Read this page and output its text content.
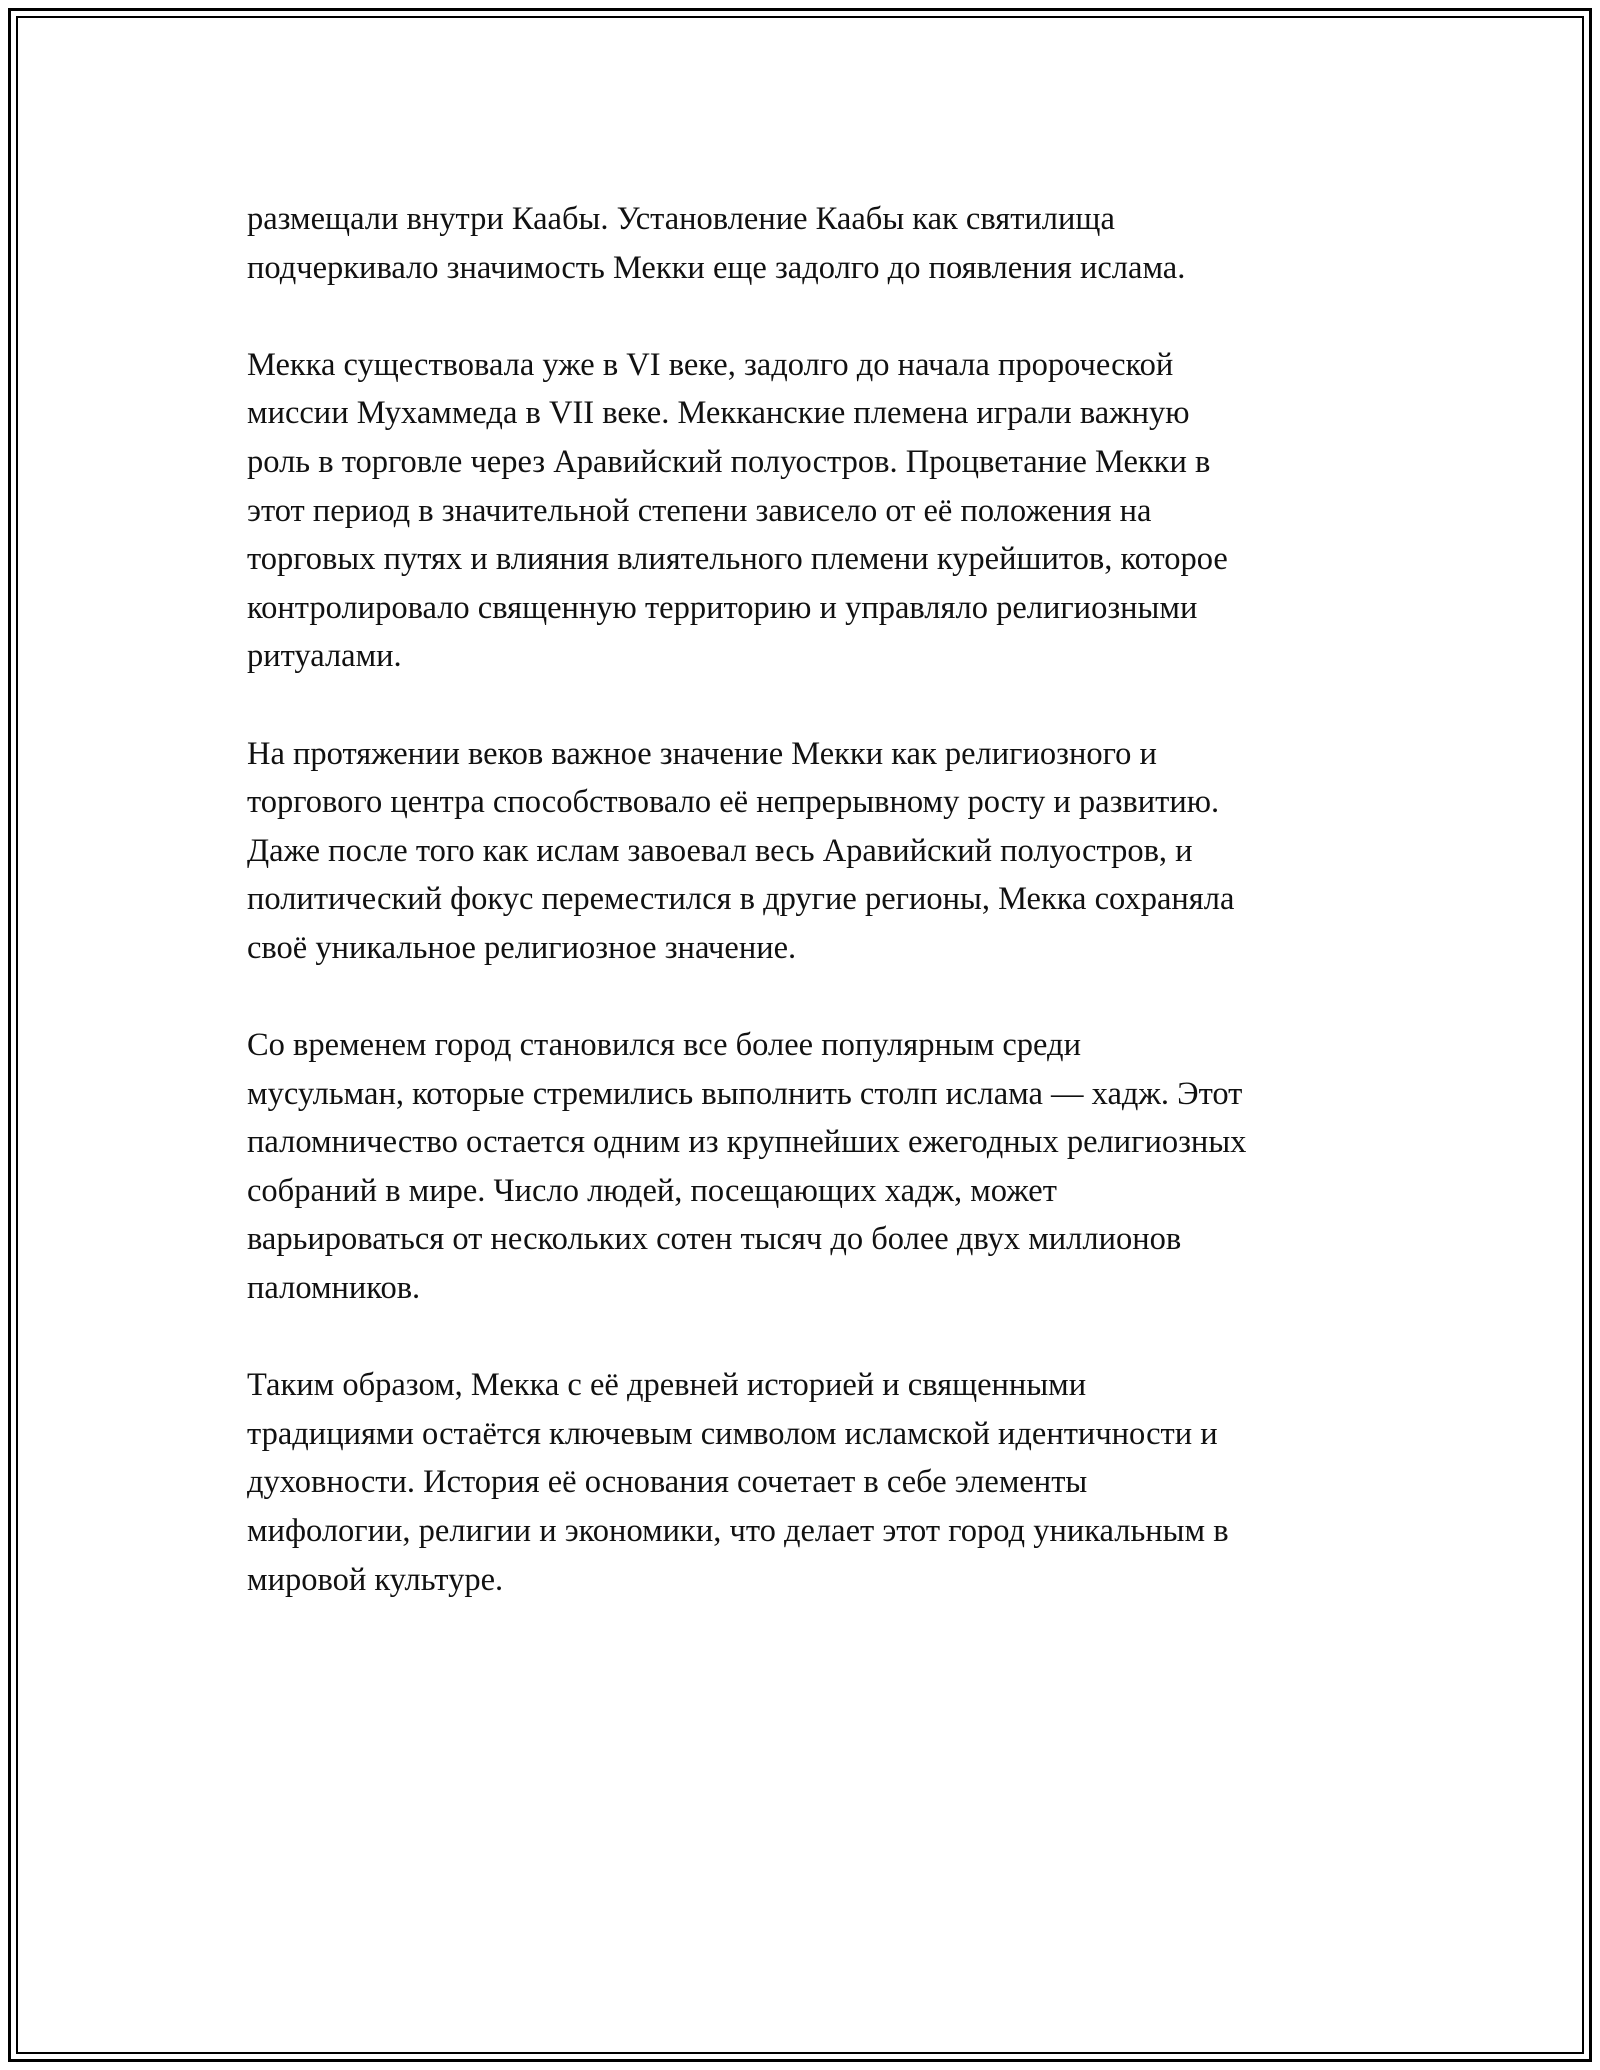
размещали внутри Каабы. Установление Каабы как святилища
подчеркивало значимость Мекки еще задолго до появления ислама.
Мекка существовала уже в VI веке, задолго до начала пророческой
миссии Мухаммеда в VII веке. Мекканские племена играли важную
роль в торговле через Аравийский полуостров. Процветание Мекки в
этот период в значительной степени зависело от её положения на
торговых путях и влияния влиятельного племени курейшитов, которое
контролировало священную территорию и управляло религиозными
ритуалами.
На протяжении веков важное значение Мекки как религиозного и
торгового центра способствовало её непрерывному росту и развитию.
Даже после того как ислам завоевал весь Аравийский полуостров, и
политический фокус переместился в другие регионы, Мекка сохраняла
своё уникальное религиозное значение.
Со временем город становился все более популярным среди
мусульман, которые стремились выполнить столп ислама — хадж. Этот
паломничество остается одним из крупнейших ежегодных религиозных
собраний в мире. Число людей, посещающих хадж, может
варьироваться от нескольких сотен тысяч до более двух миллионов
паломников.
Таким образом, Мекка с её древней историей и священными
традициями остаётся ключевым символом исламской идентичности и
духовности. История её основания сочетает в себе элементы
мифологии, религии и экономики, что делает этот город уникальным в
мировой культуре.
